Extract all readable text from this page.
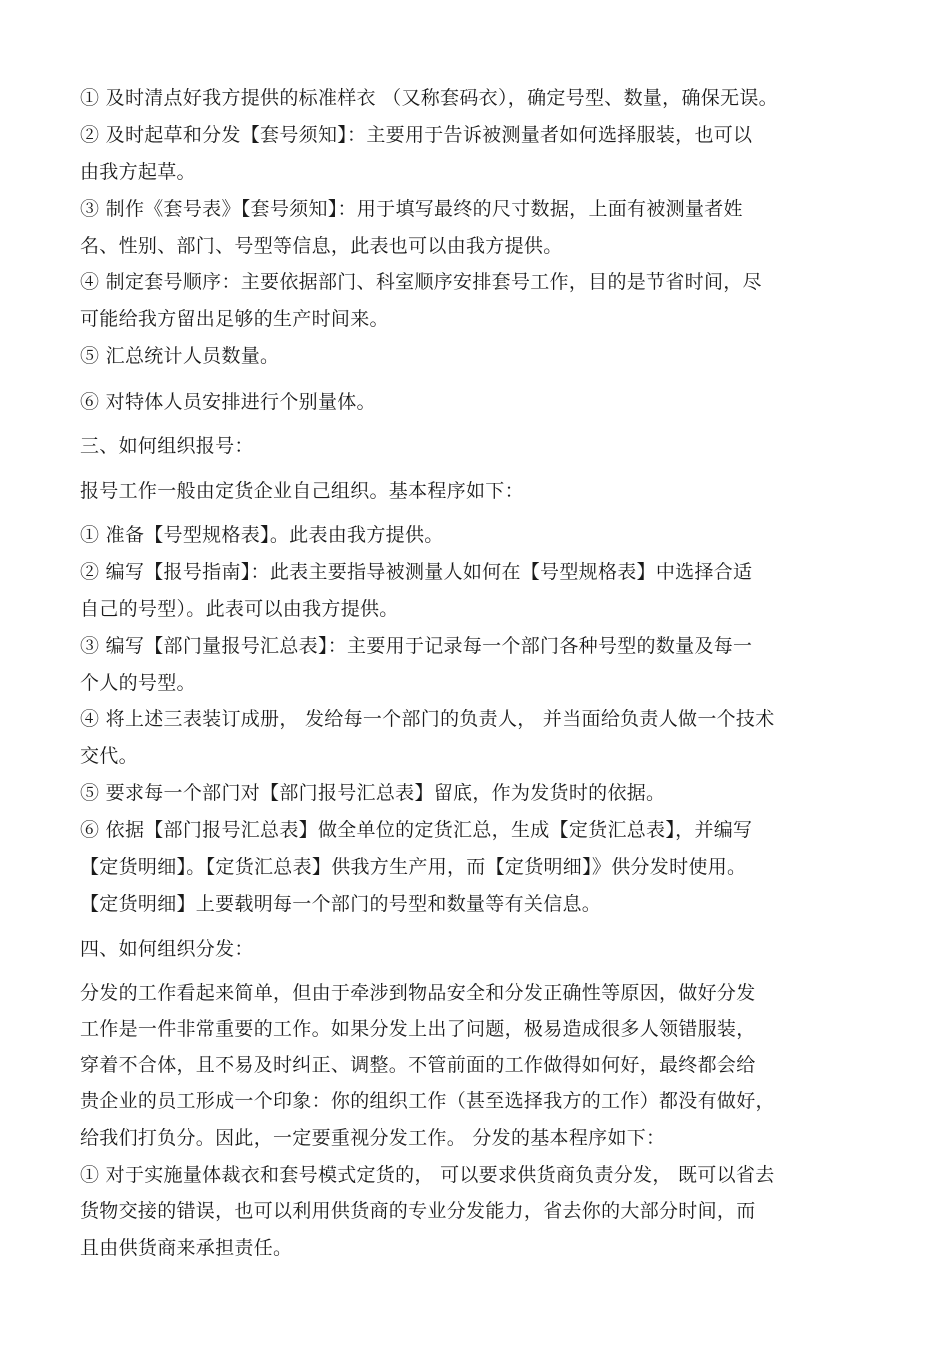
① 及时清点好我方提供的标准样衣 （又称套码衣），确定号型、数量，确保无误。
② 及时起草和分发【套号须知】：主要用于告诉被测量者如何选择服装，也可以
由我方起草。
③ 制作《套号表》【套号须知】：用于填写最终的尺寸数据，上面有被测量者姓
名、性别、部门、号型等信息，此表也可以由我方提供。
④ 制定套号顺序：主要依据部门、科室顺序安排套号工作，目的是节省时间，尽
可能给我方留出足够的生产时间来。
⑤ 汇总统计人员数量。
⑥ 对特体人员安排进行个别量体。
三、如何组织报号：
报号工作一般由定货企业自己组织。基本程序如下：
① 准备【号型规格表】。此表由我方提供。
② 编写【报号指南】：此表主要指导被测量人如何在【号型规格表】中选择合适
自己的号型）。此表可以由我方提供。
③ 编写【部门量报号汇总表】：主要用于记录每一个部门各种号型的数量及每一
个人的号型。
④ 将上述三表装订成册， 发给每一个部门的负责人， 并当面给负责人做一个技术
交代。
⑤ 要求每一个部门对【部门报号汇总表】留底，作为发货时的依据。
⑥ 依据【部门报号汇总表】做全单位的定货汇总，生成【定货汇总表】，并编写
【定货明细】。【定货汇总表】供我方生产用，而【定货明细】》供分发时使用。
【定货明细】上要载明每一个部门的号型和数量等有关信息。
四、如何组织分发：
分发的工作看起来简单，但由于牵涉到物品安全和分发正确性等原因，做好分发
工作是一件非常重要的工作。如果分发上出了问题，极易造成很多人领错服装，
穿着不合体，且不易及时纠正、调整。不管前面的工作做得如何好，最终都会给
贵企业的员工形成一个印象：你的组织工作（甚至选择我方的工作）都没有做好，
给我们打负分。因此，一定要重视分发工作。 分发的基本程序如下：
① 对于实施量体裁衣和套号模式定货的， 可以要求供货商负责分发， 既可以省去
货物交接的错误，也可以利用供货商的专业分发能力，省去你的大部分时间，而
且由供货商来承担责任。
